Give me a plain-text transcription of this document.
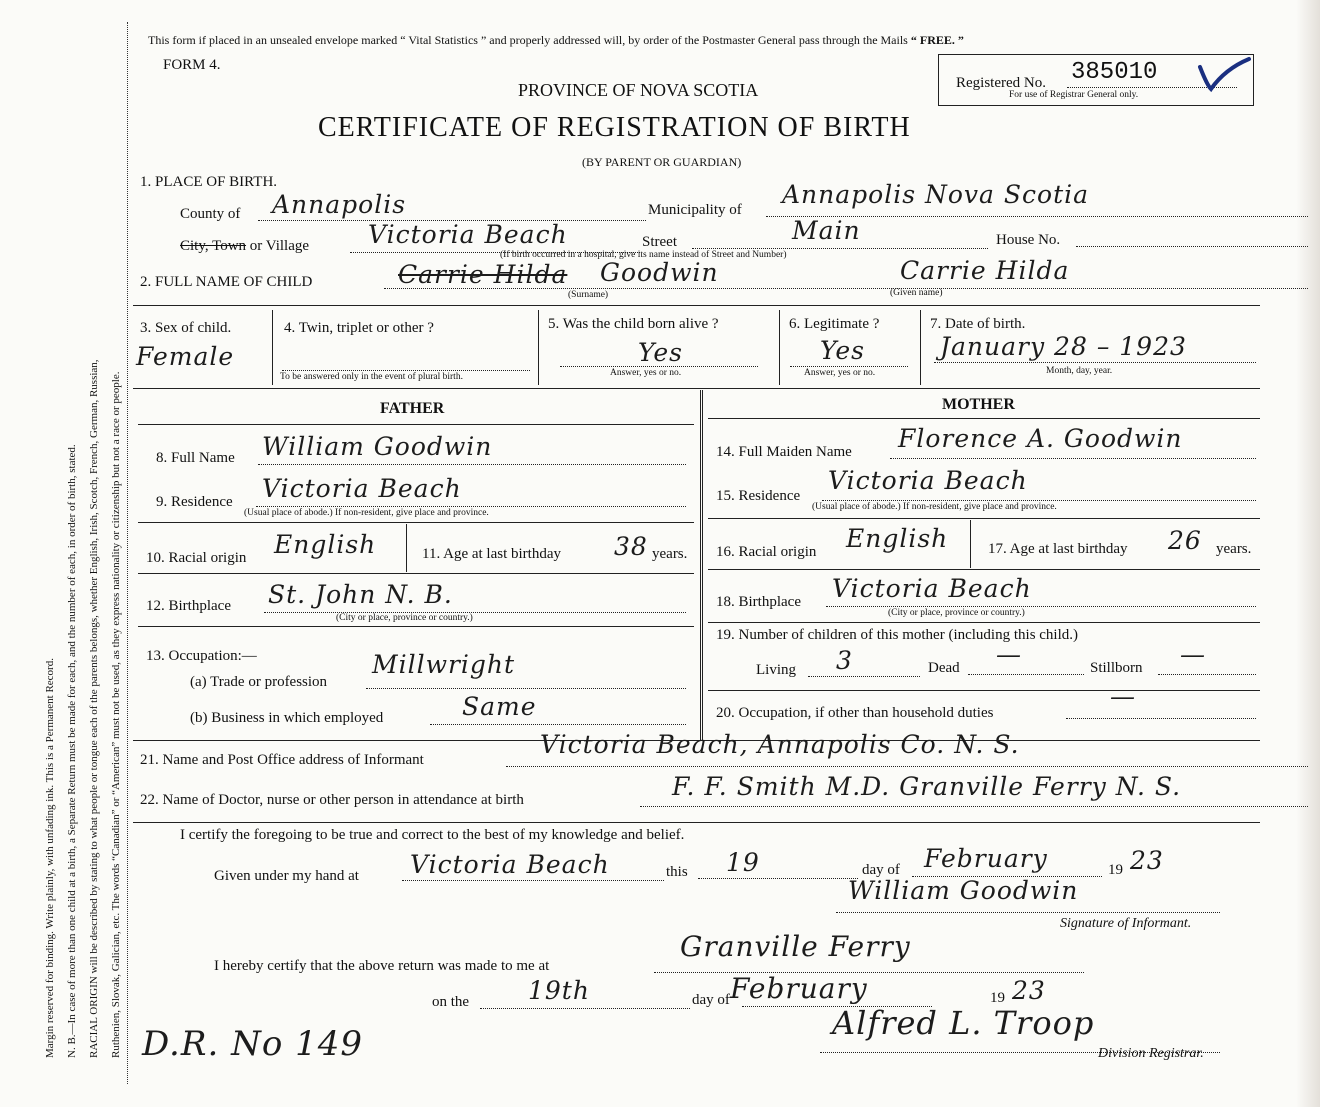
Margin reserved for binding. Write plainly, with unfading ink. This is a Permanent Record. N. B.—In case of more than one child at a birth, a Separate Return must be made for each, and the number of each, in order of birth, stated. RACIAL ORIGIN will be described by stating to what people or tongue each of the parents belongs, whether English, Irish, Scotch, French, German, Russian, Ruthenien, Slovak, Galician, etc. The words “Canadian” or “American” must not be used, as they express nationality or citizenship but not a race or people.
This form if placed in an unsealed envelope marked “ Vital Statistics ” and properly addressed will, by order of the Postmaster General pass through the Mails “ FREE. ”
FORM 4.
PROVINCE OF NOVA SCOTIA
CERTIFICATE OF REGISTRATION OF BIRTH
(BY PARENT OR GUARDIAN)
Registered No. 385010
For use of Registrar General only.
1. PLACE OF BIRTH.
County of Annapolis	Municipality of
Annapolis Nova Scotia
City, Town or Village Victoria Beach	Street	Main
(If birth occurred in a hospital, give its name instead of Street and Number)
House No.
2. FULL NAME OF CHILD	Carrie Hilda Goodwin
(Surname)
Carrie Hilda
(Given name)
3. Sex of child.
Female
4. Twin, triplet or other ?
To be answered only in the event of plural birth.
5. Was the child born alive ?
Yes
Answer, yes or no.
6. Legitimate ?
Yes
Answer, yes or no.
7. Date of birth.
January 28 – 1923
Month, day, year.
FATHER	MOTHER
8. Full Name William Goodwin
9. Residence Victoria Beach
(Usual place of abode.) If non-resident, give place and province.
10. Racial origin English	11. Age at last birthday 38 years.
12. Birthplace St. John N. B.
(City or place, province or country.)
13. Occupation:—
(a) Trade or profession
Millwright
(b) Business in which employed	Same
14. Full Maiden Name Florence A. Goodwin
15. Residence
Victoria Beach
(Usual place of abode.) If non-resident, give place and province.
16. Racial origin English	17. Age at last birthday 26 years.
18. Birthplace Victoria Beach
(City or place, province or country.)
19. Number of children of this mother (including this child.)
Living 3	Dead —	Stillborn —
20. Occupation, if other than household duties
—
21. Name and Post Office address of Informant
Victoria Beach, Annapolis Co. N. S.
22. Name of Doctor, nurse or other person in attendance at birth	F. F. Smith M.D. Granville Ferry N. S.
I certify the foregoing to be true and correct to the best of my knowledge and belief.
Given under my hand at Victoria Beach	this 19	day of February	19 23
William Goodwin
Signature of Informant.
I hereby certify that the above return was made to me at
Granville Ferry
on the 19th	day of February	19 23
Alfred L. Troop
Division Registrar.
D.R. No 149
